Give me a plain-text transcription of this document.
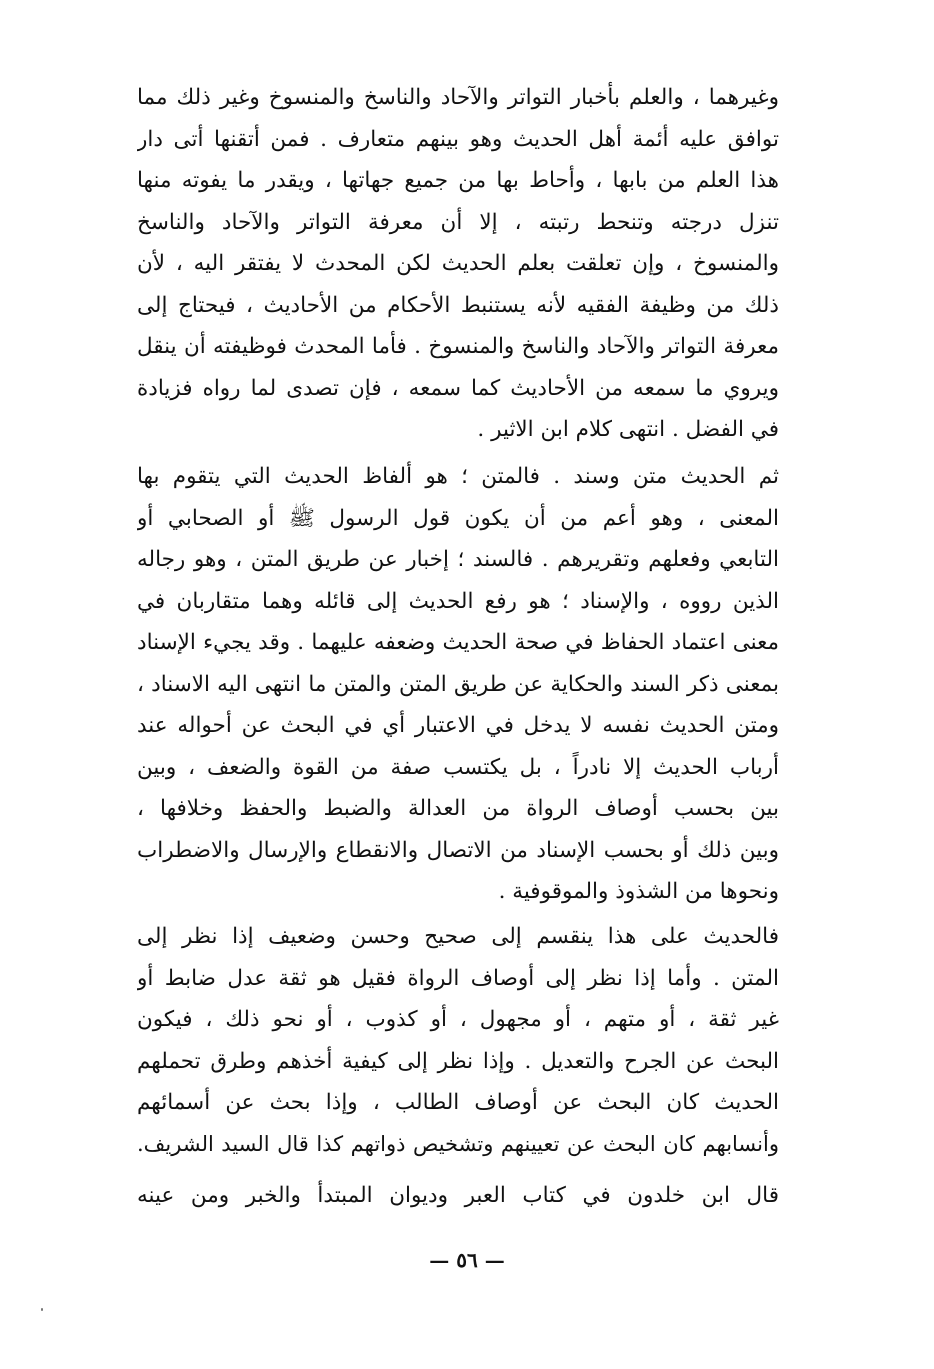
وغيرهما ، والعلم بأخبار التواتر والآحاد والناسخ والمنسوخ وغير ذلك مما
توافق عليه أئمة أهل الحديث وهو بينهم متعارف . فمن أتقنها أتى دار
هذا العلم من بابها ، وأحاط بها من جميع جهاتها ، ويقدر ما يفوته منها
تنزل درجته وتنحط رتبته ، إلا أن معرفة التواتر والآحاد والناسخ
والمنسوخ ، وإن تعلقت بعلم الحديث لكن المحدث لا يفتقر اليه ، لأن
ذلك من وظيفة الفقيه لأنه يستنبط الأحكام من الأحاديث ، فيحتاج إلى
معرفة التواتر والآحاد والناسخ والمنسوخ . فأما المحدث فوظيفته أن ينقل
ويروي ما سمعه من الأحاديث كما سمعه ، فإن تصدى لما رواه فزيادة
في الفضل . انتهى كلام ابن الاثير .
ثم الحديث متن وسند . فالمتن ؛ هو ألفاظ الحديث التي يتقوم بها
المعنى ، وهو أعم من أن يكون قول الرسول ﷺ أو الصحابي أو
التابعي وفعلهم وتقريرهم . فالسند ؛ إخبار عن طريق المتن ، وهو رجاله
الذين رووه ، والإسناد ؛ هو رفع الحديث إلى قائله وهما متقاربان في
معنى اعتماد الحفاظ في صحة الحديث وضعفه عليهما . وقد يجيء الإسناد
بمعنى ذكر السند والحكاية عن طريق المتن والمتن ما انتهى اليه الاسناد ،
ومتن الحديث نفسه لا يدخل في الاعتبار أي في البحث عن أحواله عند
أرباب الحديث إلا نادراً ، بل يكتسب صفة من القوة والضعف ، وبين
بين بحسب أوصاف الرواة من العدالة والضبط والحفظ وخلافها ،
وبين ذلك أو بحسب الإسناد من الاتصال والانقطاع والإرسال والاضطراب
ونحوها من الشذوذ والموقوفية .
فالحديث على هذا ينقسم إلى صحيح وحسن وضعيف إذا نظر إلى
المتن . وأما إذا نظر إلى أوصاف الرواة فقيل هو ثقة عدل ضابط أو
غير ثقة ، أو متهم ، أو مجهول ، أو كذوب ، أو نحو ذلك ، فيكون
البحث عن الجرح والتعديل . وإذا نظر إلى كيفية أخذهم وطرق تحملهم
الحديث كان البحث عن أوصاف الطالب ، وإذا بحث عن أسمائهم
وأنسابهم كان البحث عن تعيينهم وتشخيص ذواتهم كذا قال السيد الشريف.
قال ابن خلدون في كتاب العبر وديوان المبتدأ والخبر ومن عينه
— ٥٦ —
